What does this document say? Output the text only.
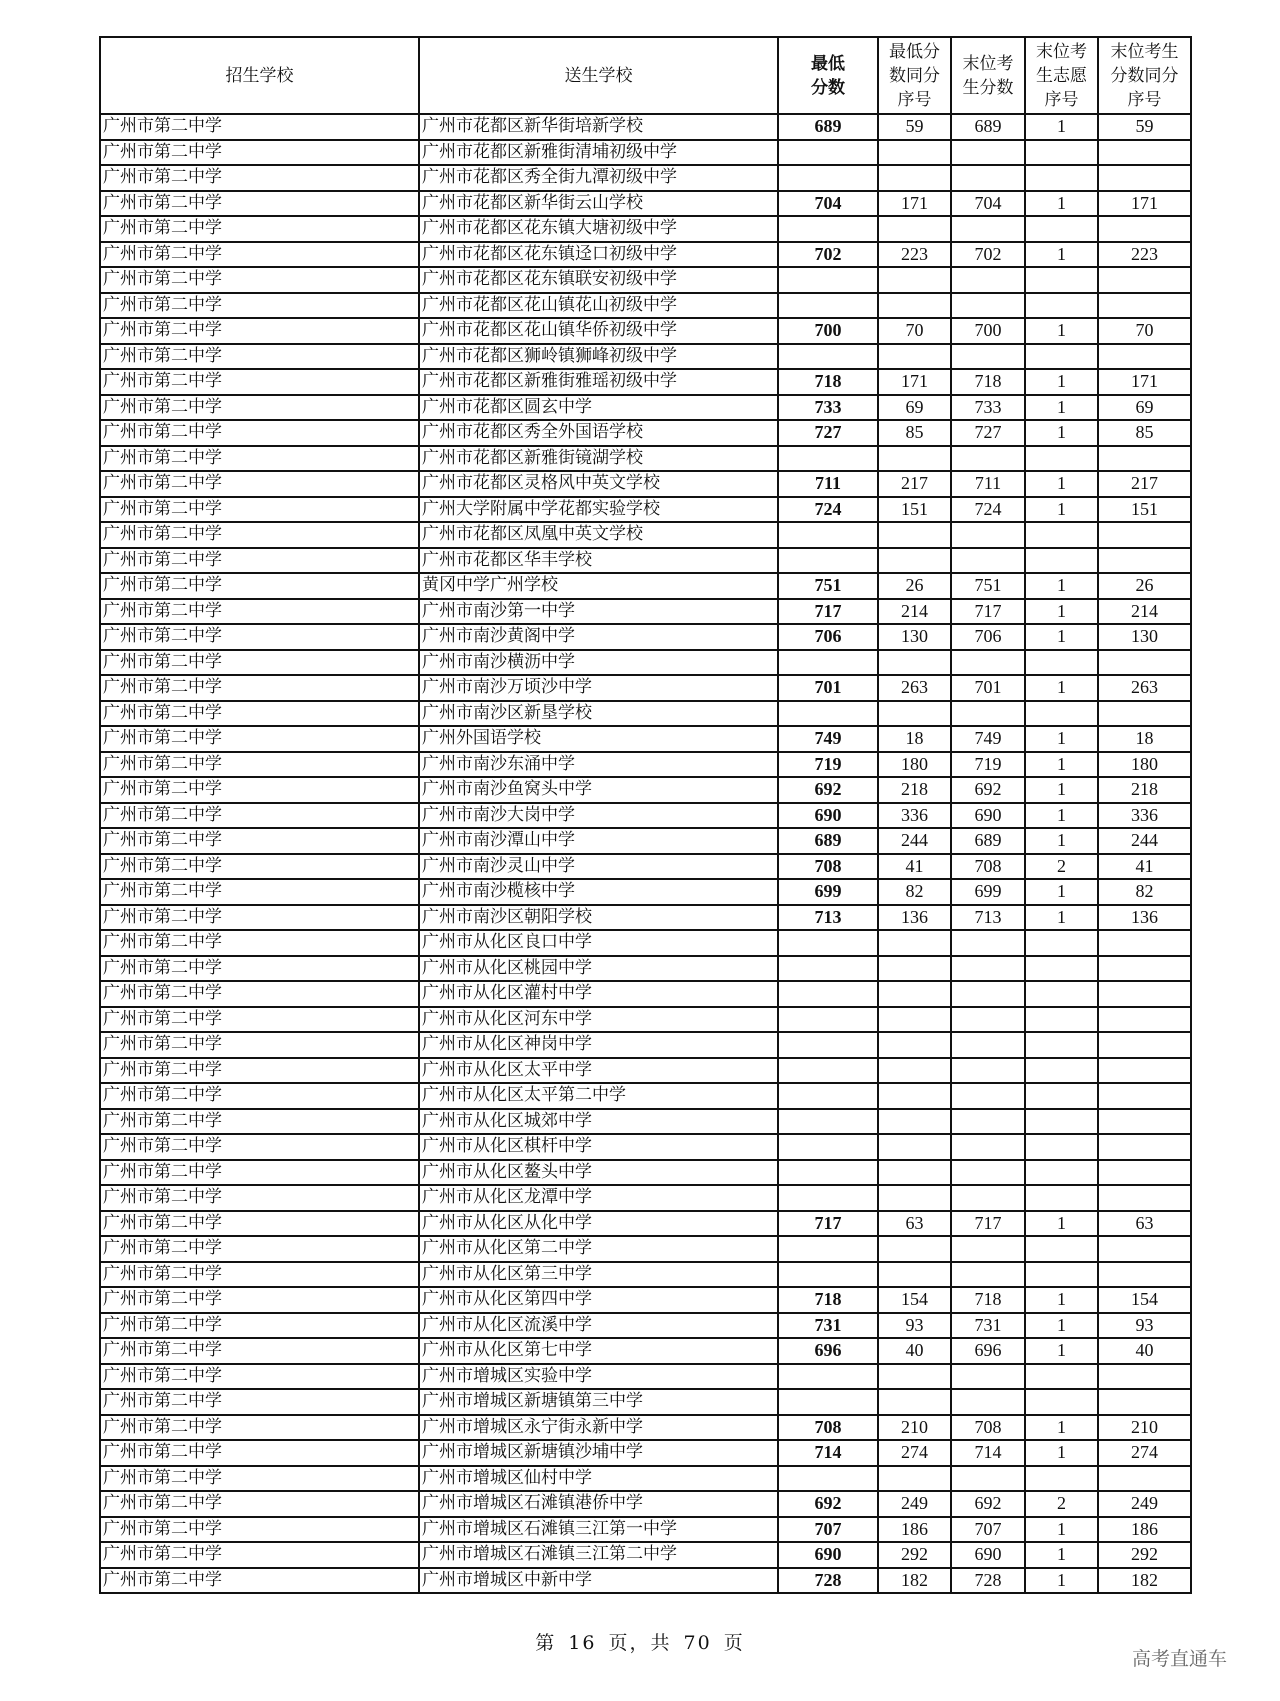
招生学校	送生学校	最低分数	最低分数同分序号	末位考生分数	末位考生志愿序号	末位考生分数同分序号

广州市第二中学	广州市花都区新华街培新学校	689	59	689	1	59
广州市第二中学	广州市花都区新雅街清埔初级中学					
广州市第二中学	广州市花都区秀全街九潭初级中学					
广州市第二中学	广州市花都区新华街云山学校	704	171	704	1	171
广州市第二中学	广州市花都区花东镇大塘初级中学					
广州市第二中学	广州市花都区花东镇迳口初级中学	702	223	702	1	223
广州市第二中学	广州市花都区花东镇联安初级中学					
广州市第二中学	广州市花都区花山镇花山初级中学					
广州市第二中学	广州市花都区花山镇华侨初级中学	700	70	700	1	70
广州市第二中学	广州市花都区狮岭镇狮峰初级中学					
广州市第二中学	广州市花都区新雅街雅瑶初级中学	718	171	718	1	171
广州市第二中学	广州市花都区圆玄中学	733	69	733	1	69
广州市第二中学	广州市花都区秀全外国语学校	727	85	727	1	85
广州市第二中学	广州市花都区新雅街镜湖学校					
广州市第二中学	广州市花都区灵格风中英文学校	711	217	711	1	217
广州市第二中学	广州大学附属中学花都实验学校	724	151	724	1	151
广州市第二中学	广州市花都区凤凰中英文学校					
广州市第二中学	广州市花都区华丰学校					
广州市第二中学	黄冈中学广州学校	751	26	751	1	26
广州市第二中学	广州市南沙第一中学	717	214	717	1	214
广州市第二中学	广州市南沙黄阁中学	706	130	706	1	130
广州市第二中学	广州市南沙横沥中学					
广州市第二中学	广州市南沙万顷沙中学	701	263	701	1	263
广州市第二中学	广州市南沙区新垦学校					
广州市第二中学	广州外国语学校	749	18	749	1	18
广州市第二中学	广州市南沙东涌中学	719	180	719	1	180
广州市第二中学	广州市南沙鱼窝头中学	692	218	692	1	218
广州市第二中学	广州市南沙大岗中学	690	336	690	1	336
广州市第二中学	广州市南沙潭山中学	689	244	689	1	244
广州市第二中学	广州市南沙灵山中学	708	41	708	2	41
广州市第二中学	广州市南沙榄核中学	699	82	699	1	82
广州市第二中学	广州市南沙区朝阳学校	713	136	713	1	136
广州市第二中学	广州市从化区良口中学					
广州市第二中学	广州市从化区桃园中学					
广州市第二中学	广州市从化区灌村中学					
广州市第二中学	广州市从化区河东中学					
广州市第二中学	广州市从化区神岗中学					
广州市第二中学	广州市从化区太平中学					
广州市第二中学	广州市从化区太平第二中学					
广州市第二中学	广州市从化区城郊中学					
广州市第二中学	广州市从化区棋杆中学					
广州市第二中学	广州市从化区鳌头中学					
广州市第二中学	广州市从化区龙潭中学					
广州市第二中学	广州市从化区从化中学	717	63	717	1	63
广州市第二中学	广州市从化区第二中学					
广州市第二中学	广州市从化区第三中学					
广州市第二中学	广州市从化区第四中学	718	154	718	1	154
广州市第二中学	广州市从化区流溪中学	731	93	731	1	93
广州市第二中学	广州市从化区第七中学	696	40	696	1	40
广州市第二中学	广州市增城区实验中学					
广州市第二中学	广州市增城区新塘镇第三中学					
广州市第二中学	广州市增城区永宁街永新中学	708	210	708	1	210
广州市第二中学	广州市增城区新塘镇沙埔中学	714	274	714	1	274
广州市第二中学	广州市增城区仙村中学					
广州市第二中学	广州市增城区石滩镇港侨中学	692	249	692	2	249
广州市第二中学	广州市增城区石滩镇三江第一中学	707	186	707	1	186
广州市第二中学	广州市增城区石滩镇三江第二中学	690	292	690	1	292
广州市第二中学	广州市增城区中新中学	728	182	728	1	182
第 16 页，共 70 页
高考直通车
